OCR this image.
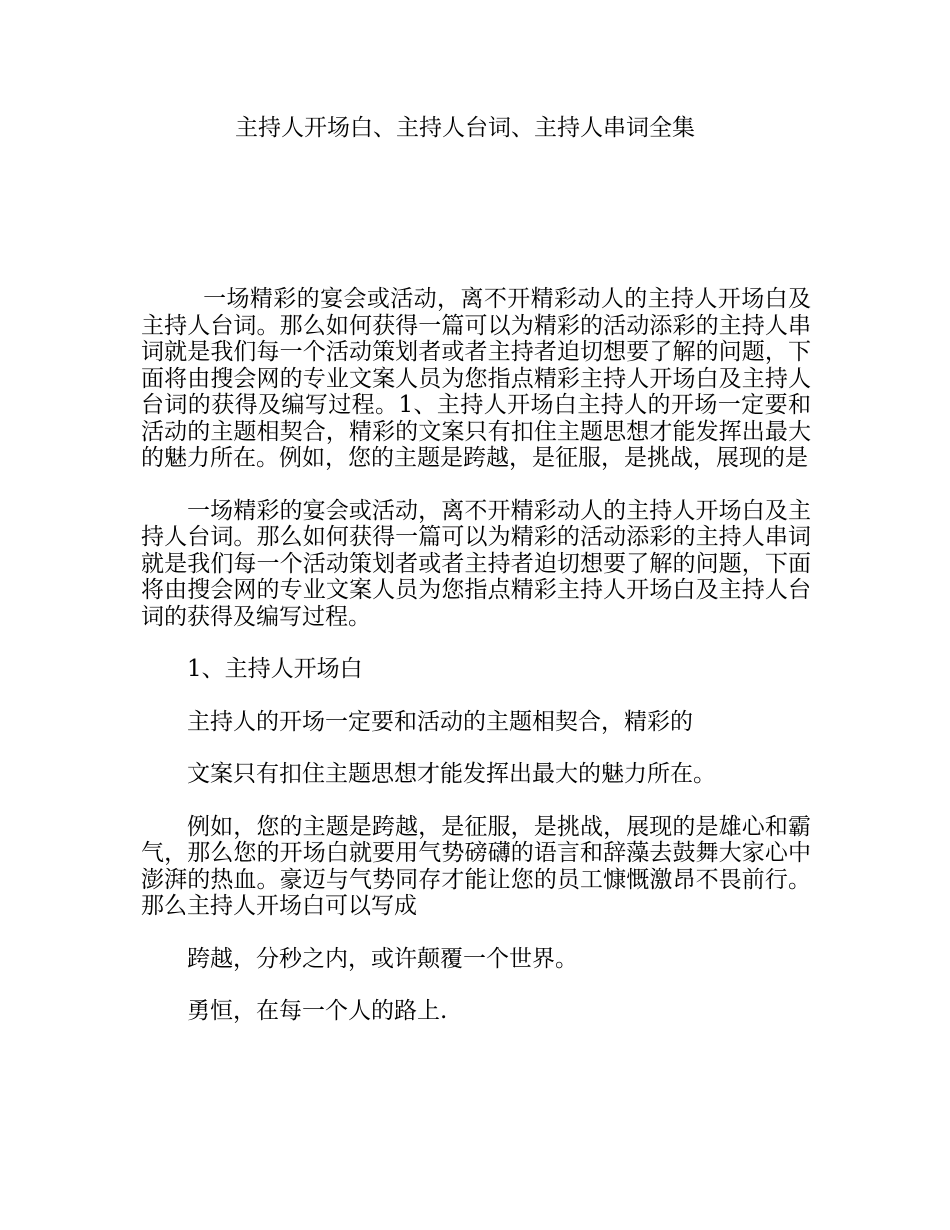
主持人开场白、主持人台词、主持人串词全集

一场精彩的宴会或活动，离不开精彩动人的主持人开场白及主持人台词。那么如何获得一篇可以为精彩的活动添彩的主持人串词就是我们每一个活动策划者或者主持者迫切想要了解的问题，下面将由搜会网的专业文案人员为您指点精彩主持人开场白及主持人台词的获得及编写过程。1、主持人开场白主持人的开场一定要和活动的主题相契合，精彩的文案只有扣住主题思想才能发挥出最大的魅力所在。例如，您的主题是跨越，是征服，是挑战，展现的是

一场精彩的宴会或活动，离不开精彩动人的主持人开场白及主持人台词。那么如何获得一篇可以为精彩的活动添彩的主持人串词就是我们每一个活动策划者或者主持者迫切想要了解的问题，下面将由搜会网的专业文案人员为您指点精彩主持人开场白及主持人台词的获得及编写过程。

1、主持人开场白

主持人的开场一定要和活动的主题相契合，精彩的

文案只有扣住主题思想才能发挥出最大的魅力所在。

例如，您的主题是跨越，是征服，是挑战，展现的是雄心和霸气，那么您的开场白就要用气势磅礴的语言和辞藻去鼓舞大家心中澎湃的热血。豪迈与气势同存才能让您的员工慷慨激昂不畏前行。那么主持人开场白可以写成

跨越，分秒之内，或许颠覆一个世界。

勇恒，在每一个人的路上.
